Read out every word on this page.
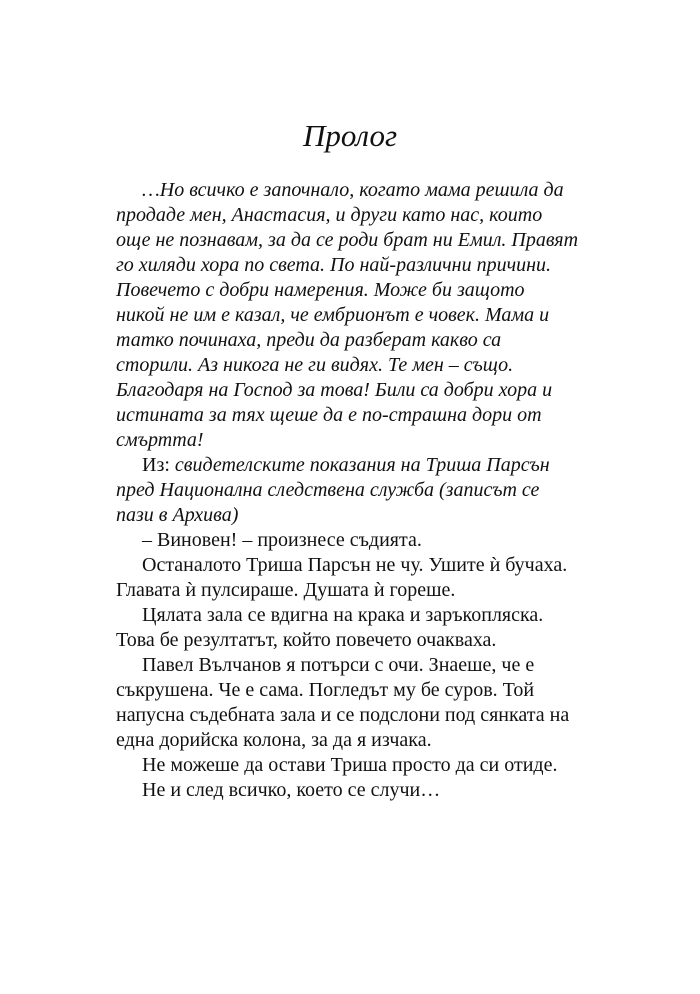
Пролог

…Но всичко е започнало, когато мама решила да
продаде мен, Анастасия, и други като нас, които
още не познавам, за да се роди брат ни Емил. Правят
го хиляди хора по света. По най-различни причини.
Повечето с добри намерения. Може би защото
никой не им е казал, че ембрионът е човек. Мама и
татко починаха, преди да разберат какво са
сторили. Аз никога не ги видях. Те мен – също.
Благодаря на Господ за това! Били са добри хора и
истината за тях щеше да е по-страшна дори от
смъртта!

Из: свидетелските показания на Триша Парсън
пред Национална следствена служба (записът се
пази в Архива)

– Виновен! – произнесе съдията.

Останалото Триша Парсън не чу. Ушите ѝ бучаха.
Главата ѝ пулсираше. Душата ѝ гореше.

Цялата зала се вдигна на крака и заръкопляска.
Това бе резултатът, който повечето очакваха.

Павел Вълчанов я потърси с очи. Знаеше, че е
съкрушена. Че е сама. Погледът му бе суров. Той
напусна съдебната зала и се подслони под сянката на
една дорийска колона, за да я изчака.

Не можеше да остави Триша просто да си отиде.

Не и след всичко, което се случи…
